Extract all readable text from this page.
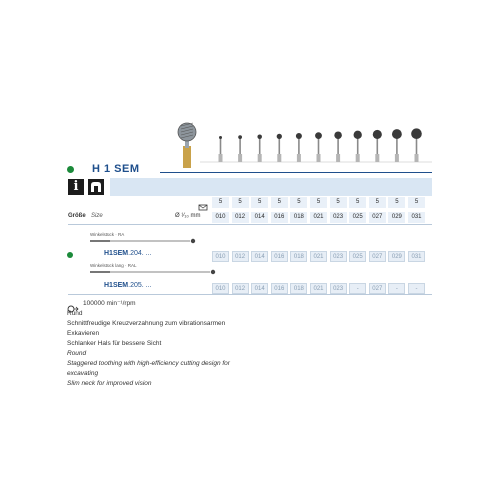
H 1 SEM
i
5	5	5	5	5	5	5	5	5	5	5
Größe Size	Ø ¹⁄₁₀ mm	010	012	014	016	018	021	023	025	027	029	031
Winkelstück · RA
H1SEM.204. ...	010	012	014	016	018	021	023	025	027	029	031
Winkelstück lang · RAL
H1SEM.205. ...	010	012	014	016	018	021	023	-	027	-	-
100000 min⁻¹/rpm
Rund
Schnittfreudige Kreuzverzahnung zum vibrationsarmen
Exkavieren
Schlanker Hals für bessere Sicht
Round
Staggered toothing with high-efficiency cutting design for
excavating
Slim neck for improved vision
